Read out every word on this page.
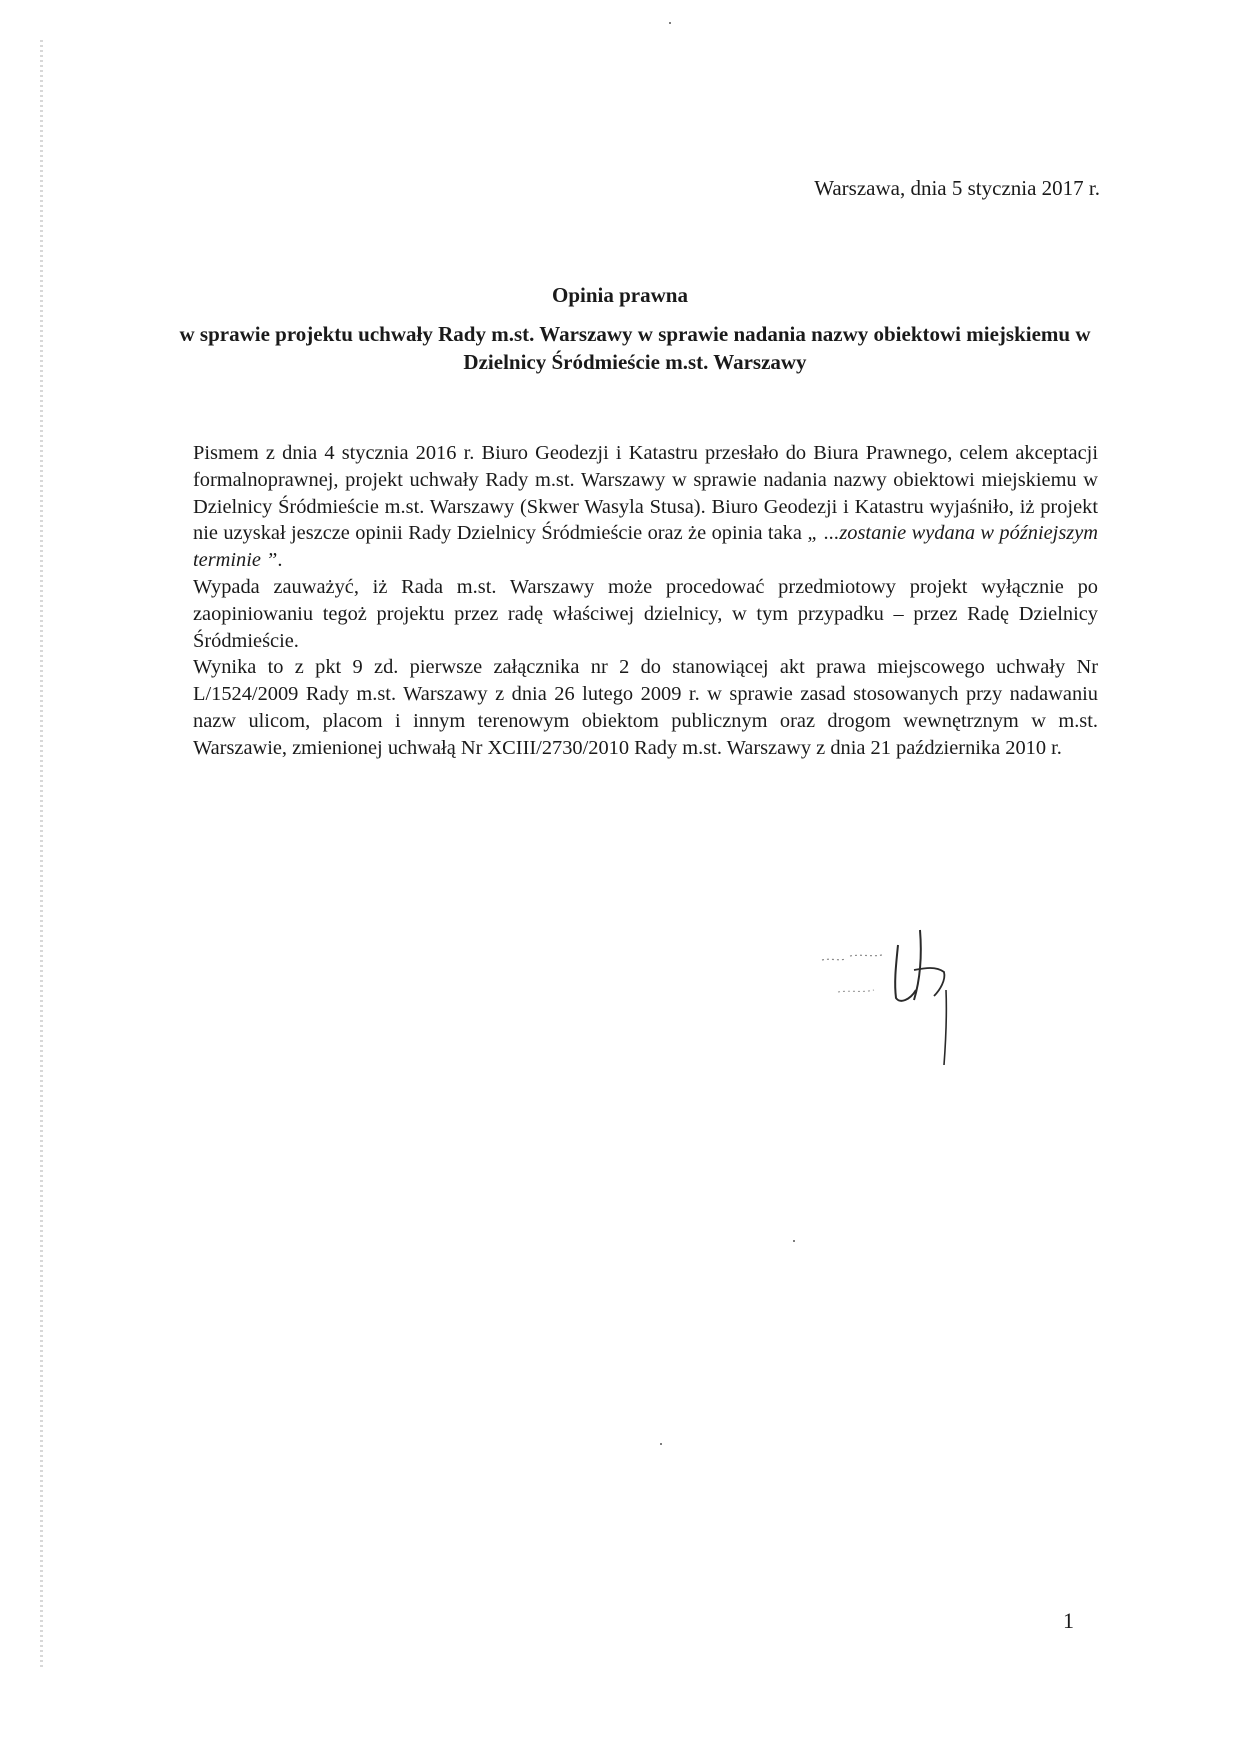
Warszawa, dnia 5 stycznia 2017 r.
Opinia prawna
w sprawie projektu uchwały Rady m.st. Warszawy w sprawie nadania nazwy obiektowi miejskiemu w Dzielnicy Śródmieście m.st. Warszawy

Pismem z dnia 4 stycznia 2016 r. Biuro Geodezji i Katastru przesłało do Biura Prawnego, celem akceptacji formalnoprawnej, projekt uchwały Rady m.st. Warszawy w sprawie nadania nazwy obiektowi miejskiemu w Dzielnicy Śródmieście m.st. Warszawy (Skwer Wasyla Stusa). Biuro Geodezji i Katastru wyjaśniło, iż projekt nie uzyskał jeszcze opinii Rady Dzielnicy Śródmieście oraz że opinia taka „ ...zostanie wydana w późniejszym terminie ”.

Wypada zauważyć, iż Rada m.st. Warszawy może procedować przedmiotowy projekt wyłącznie po zaopiniowaniu tegoż projektu przez radę właściwej dzielnicy, w tym przypadku – przez Radę Dzielnicy Śródmieście.

Wynika to z pkt 9 zd. pierwsze załącznika nr 2 do stanowiącej akt prawa miejscowego uchwały Nr L/1524/2009 Rady m.st. Warszawy z dnia 26 lutego 2009 r. w sprawie zasad stosowanych przy nadawaniu nazw ulicom, placom i innym terenowym obiektom publicznym oraz drogom wewnętrznym w m.st. Warszawie, zmienionej uchwałą Nr XCIII/2730/2010 Rady m.st. Warszawy z dnia 21 października 2010 r.

1
